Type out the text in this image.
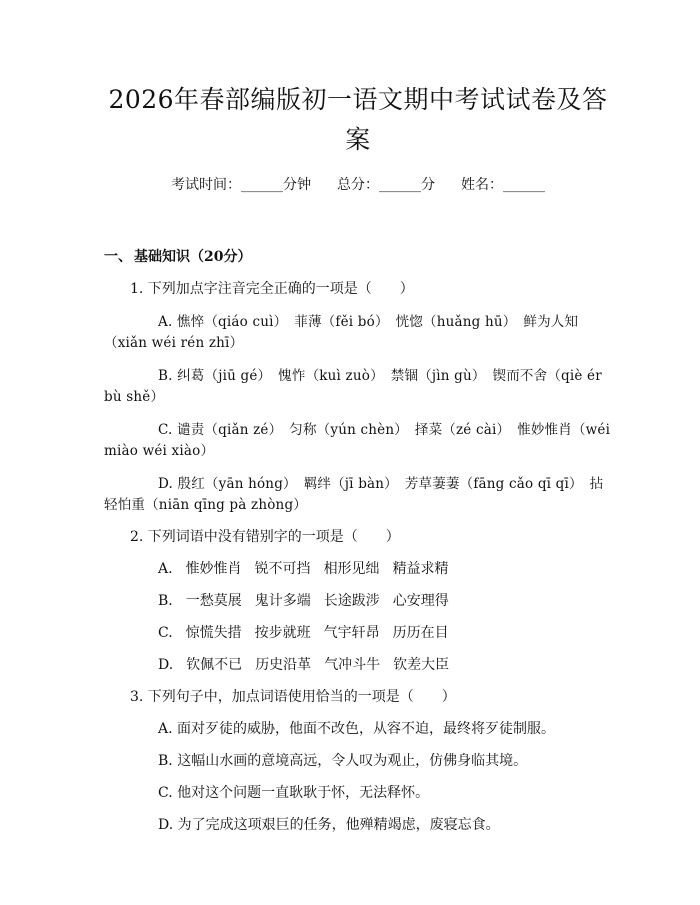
2026年春部编版初一语文期中考试试卷及答案
考试时间：______分钟 总分：______分 姓名：______
一、 基础知识（20分）
1. 下列加点字注音完全正确的一项是（　　）
A. 憔悴（qiáo cuì）　菲薄（fěi bó）　恍惚（huǎng hū）　鲜为人知（xiǎn wéi rén zhī）
B. 纠葛（jiū gé）　愧怍（kuì zuò）　禁锢（jìn gù）　锲而不舍（qiè ér bù shě）
C. 谴责（qiǎn zé）　匀称（yún chèn）　择菜（zé cài）　惟妙惟肖（wéi miào wéi xiào）
D. 殷红（yān hóng）　羁绊（jī bàn）　芳草萋萋（fāng cǎo qī qī）　拈轻怕重（niān qīng pà zhòng）
2. 下列词语中没有错别字的一项是（　　）
A. 惟妙惟肖 锐不可挡 相形见绌 精益求精
B. 一愁莫展 鬼计多端 长途跋涉 心安理得
C. 惊慌失措 按步就班 气宇轩昂 历历在目
D. 钦佩不已 历史沿革 气冲斗牛 钦差大臣
3. 下列句子中，加点词语使用恰当的一项是（　　）
A. 面对歹徒的威胁，他面不改色，从容不迫，最终将歹徒制服。
B. 这幅山水画的意境高远，令人叹为观止，仿佛身临其境。
C. 他对这个问题一直耿耿于怀，无法释怀。
D. 为了完成这项艰巨的任务，他殚精竭虑，废寝忘食。
